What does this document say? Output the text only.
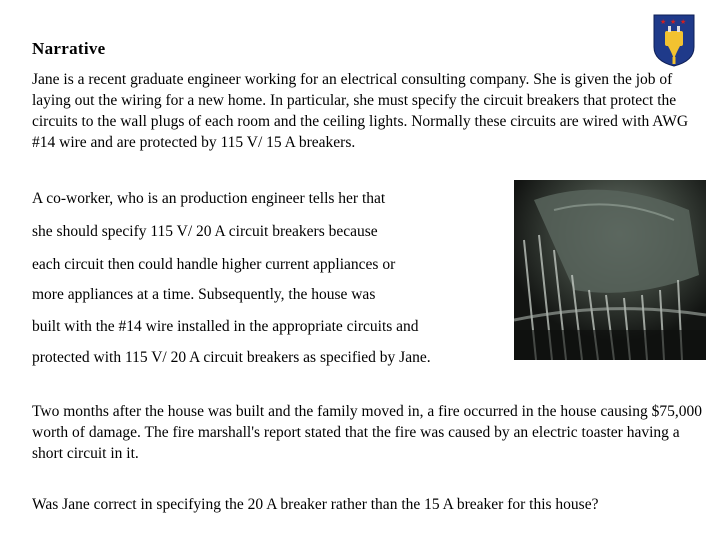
Narrative
★ ★ ★

Jane is a recent graduate engineer working for an electrical consulting company. She is given the job of laying out the wiring for a new home. In particular, she must specify the circuit breakers that protect the circuits to the wall plugs of each room and the ceiling lights. Normally these circuits are wired with AWG #14 wire and are protected by 115 V/ 15 A breakers.

A co-worker, who is an production engineer tells her that
she should specify 115 V/ 20 A circuit breakers because
each circuit then could handle higher current appliances or
more appliances at a time. Subsequently, the house was
built with the #14 wire installed in the appropriate circuits and
protected with 115 V/ 20 A circuit breakers as specified by Jane.

Two months after the house was built and the family moved in, a fire occurred in the house causing $75,000 worth of damage. The fire marshall's report stated that the fire was caused by an electric toaster having a short circuit in it.

Was Jane correct in specifying the 20 A breaker rather than the 15 A breaker for this house?
